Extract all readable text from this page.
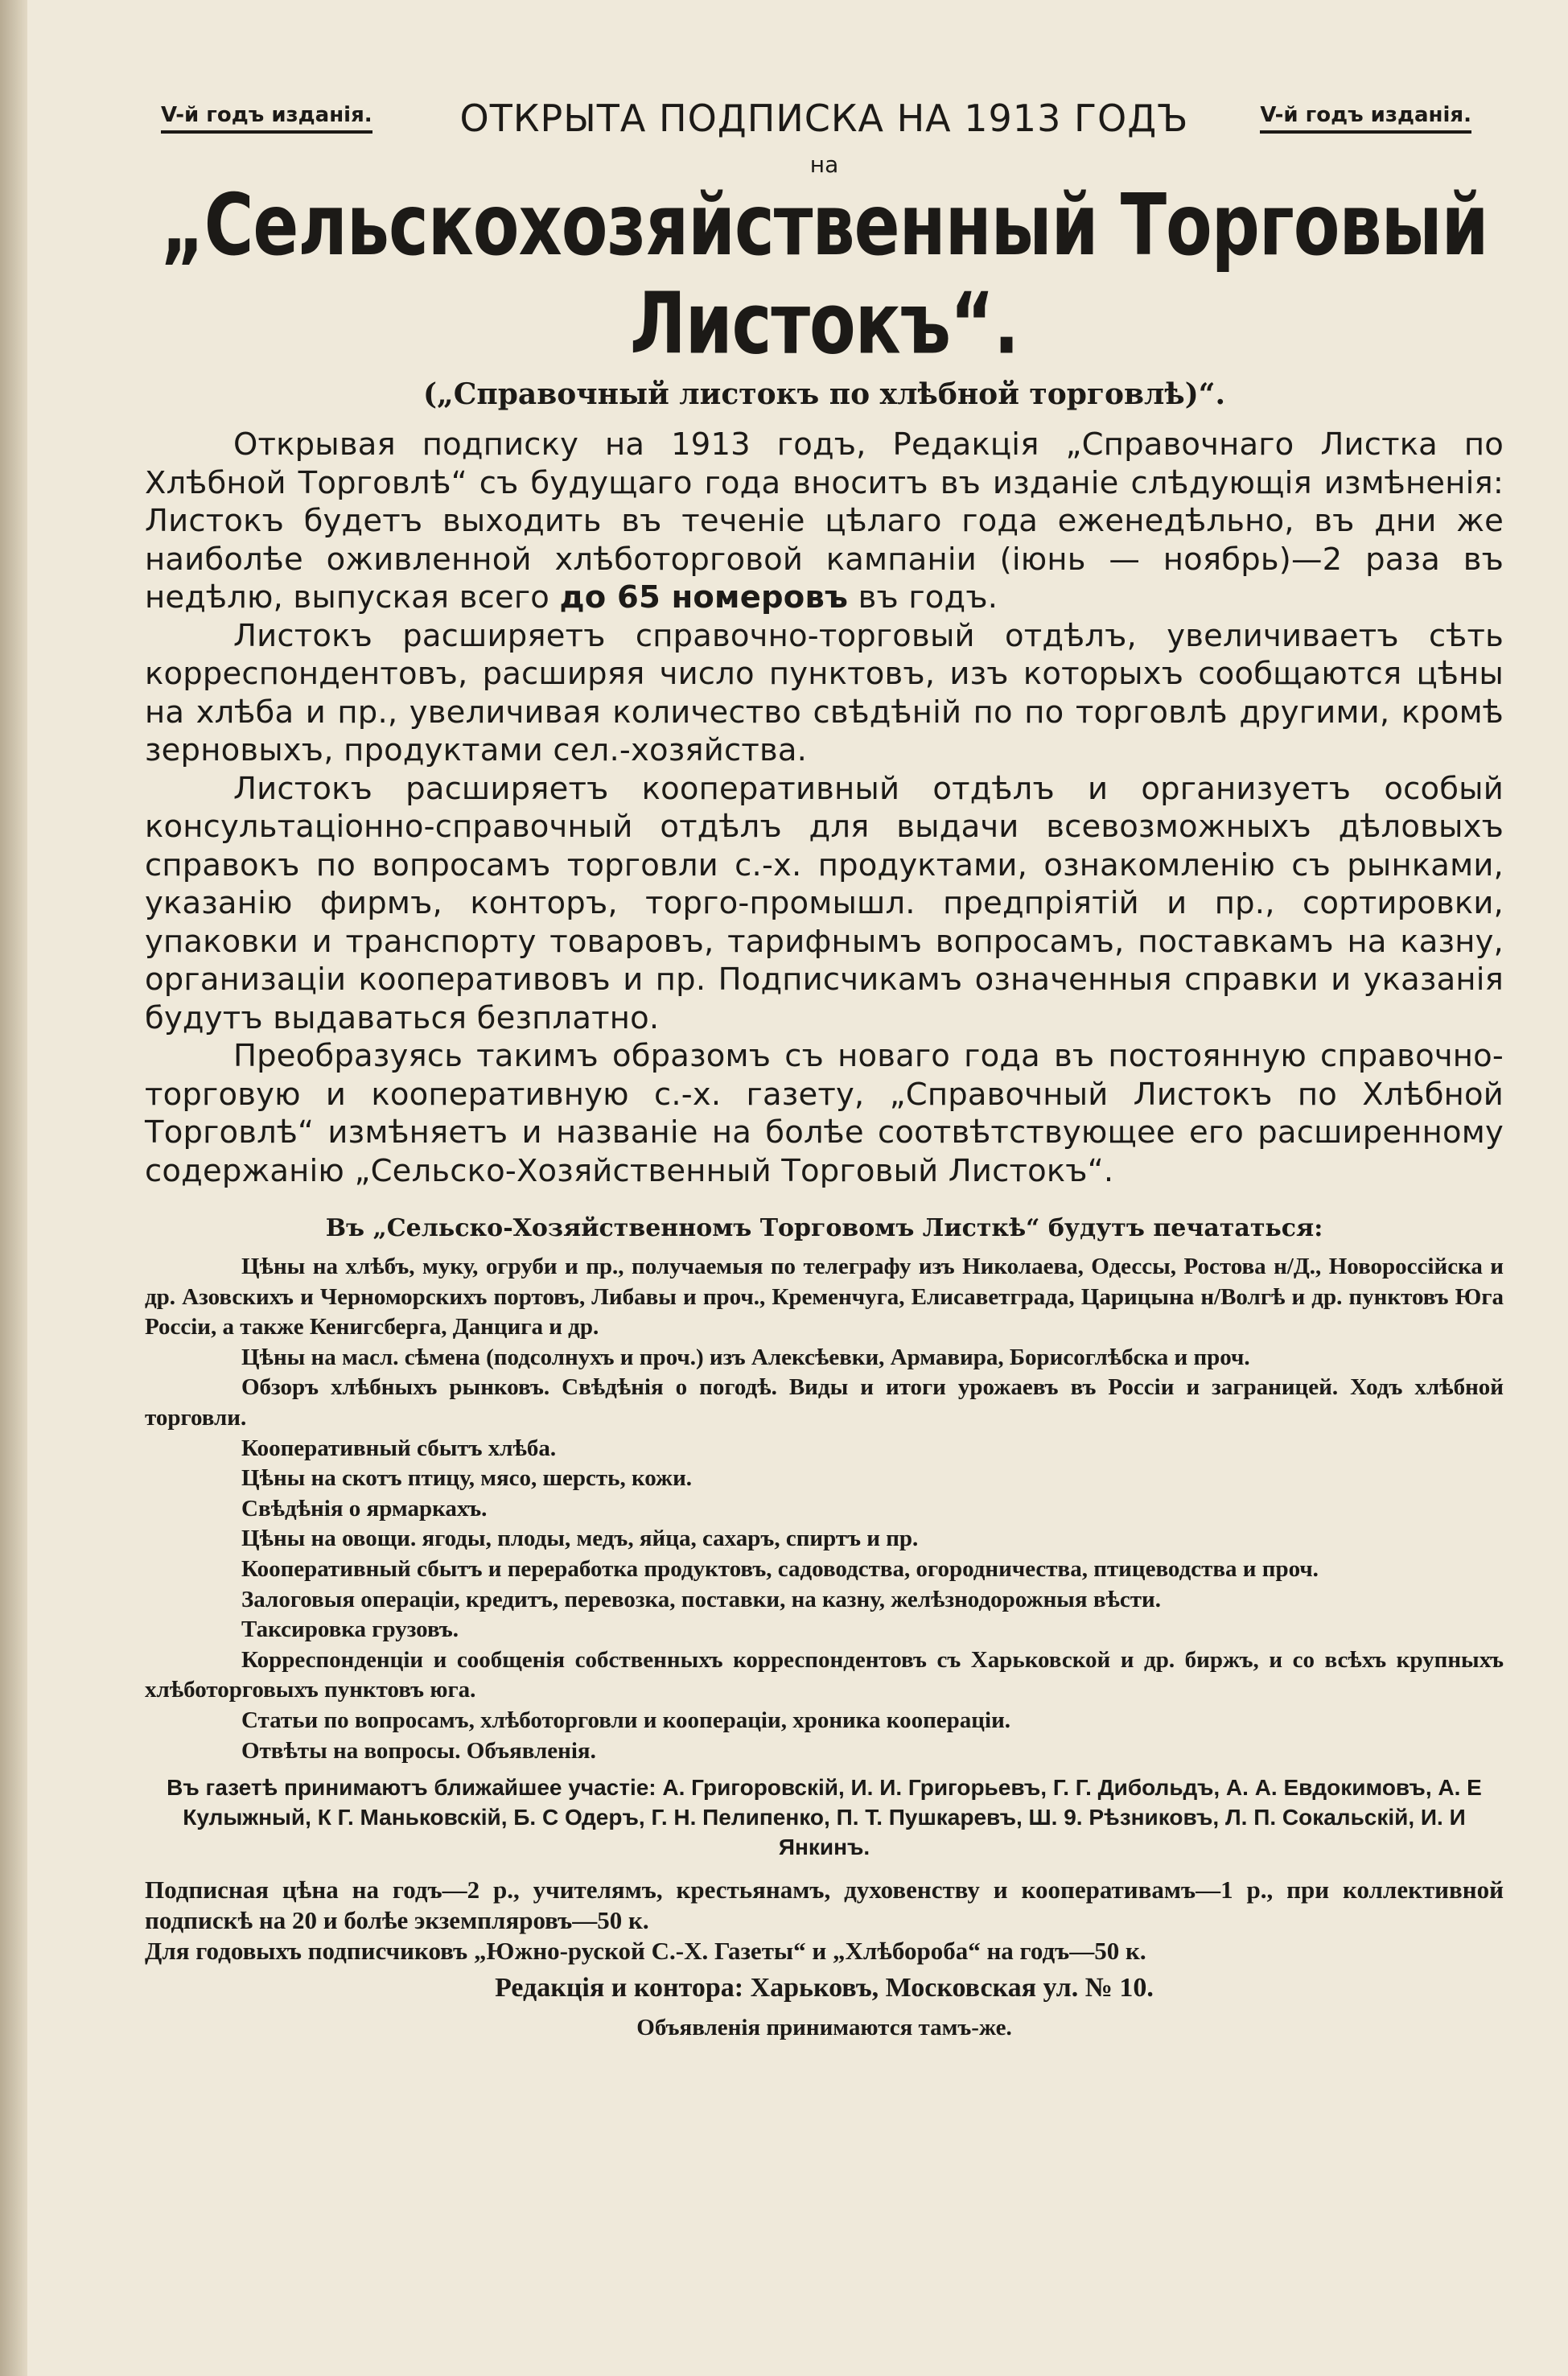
V-й годъ изданія.	ОТКРЫТА ПОДПИСКА НА 1913 ГОДЪ	V-й годъ изданія.
на
„Сельскохозяйственный Торговый Листокъ“.
(„Справочный листокъ по хлѣбной торговлѣ)“.

Открывая подписку на 1913 годъ, Редакція „Справочнаго Листка по Хлѣбной Торговлѣ“ съ будущаго года вноситъ въ изданіе слѣдующія измѣненія: Листокъ будетъ выходить въ теченіе цѣлаго года еженедѣльно, въ дни же наиболѣе оживленной хлѣботорговой кампаніи (іюнь — ноябрь)—2 раза въ недѣлю, выпуская всего до 65 номеровъ въ годъ.

Листокъ расширяетъ справочно-торговый отдѣлъ, увеличиваетъ сѣть корреспондентовъ, расширяя число пунктовъ, изъ которыхъ сообщаются цѣны на хлѣба и пр., увеличивая количество свѣдѣній по по торговлѣ другими, кромѣ зерновыхъ, продуктами сел.-хозяйства.

Листокъ расширяетъ кооперативный отдѣлъ и организуетъ особый консультаціонно-справочный отдѣлъ для выдачи всевозможныхъ дѣловыхъ справокъ по вопросамъ торговли с.-х. продуктами, ознакомленію съ рынками, указанію фирмъ, конторъ, торго-промышл. предпріятій и пр., сортировки, упаковки и транспорту товаровъ, тарифнымъ вопросамъ, поставкамъ на казну, организаціи кооперативовъ и пр. Подписчикамъ означенныя справки и указанія будутъ выдаваться безплатно.

Преобразуясь такимъ образомъ съ новаго года въ постоянную справочно-торговую и кооперативную с.-х. газету, „Справочный Листокъ по Хлѣбной Торговлѣ“ измѣняетъ и названіе на болѣе соотвѣтствующее его расширенному содержанію „Сельско-Хозяйственный Торговый Листокъ“.

Въ „Сельско-Хозяйственномъ Торговомъ Листкѣ“ будутъ печататься:

Цѣны на хлѣбъ, муку, огруби и пр., получаемыя по телеграфу изъ Николаева, Одессы, Ростова н/Д., Новороссійска и др. Азовскихъ и Черноморскихъ портовъ, Либавы и проч., Кременчуга, Елисаветграда, Царицына н/Волгѣ и др. пунктовъ Юга Россіи, а также Кенигсберга, Данцига и др.

Цѣны на масл. сѣмена (подсолнухъ и проч.) изъ Алексѣевки, Армавира, Борисоглѣбска и проч.

Обзоръ хлѣбныхъ рынковъ. Свѣдѣнія о погодѣ. Виды и итоги урожаевъ въ Россіи и заграницей. Ходъ хлѣбной торговли.

Кооперативный сбытъ хлѣба.

Цѣны на скотъ птицу, мясо, шерсть, кожи.

Свѣдѣнія о ярмаркахъ.

Цѣны на овощи. ягоды, плоды, медъ, яйца, сахаръ, спиртъ и пр.

Кооперативный сбытъ и переработка продуктовъ, садоводства, огородничества, птицеводства и проч.

Залоговыя операціи, кредитъ, перевозка, поставки, на казну, желѣзнодорожныя вѣсти.

Таксировка грузовъ.

Корреспонденціи и сообщенія собственныхъ корреспондентовъ съ Харьковской и др. биржъ, и со всѣхъ крупныхъ хлѣботорговыхъ пунктовъ юга.

Статьи по вопросамъ, хлѣботорговли и коопераціи, хроника коопераціи.

Отвѣты на вопросы. Объявленія.

Въ газетѣ принимаютъ ближайшее участіе: А. Григоровскій, И. И. Григорьевъ, Г. Г. Дибольдъ, А. А. Евдокимовъ, А. Е Кулыжный, К Г. Маньковскій, Б. С Одеръ, Г. Н. Пелипенко, П. Т. Пушкаревъ, Ш. 9. Рѣзниковъ, Л. П. Сокальскій, И. И Янкинъ.

Подписная цѣна на годъ—2 р., учителямъ, крестьянамъ, духовенству и кооперативамъ—1 р., при коллективной подпискѣ на 20 и болѣе экземпляровъ—50 к.

Для годовыхъ подписчиковъ „Южно-руской С.-Х. Газеты“ и „Хлѣбороба“ на годъ—50 к.

Редакція и контора: Харьковъ, Московская ул. № 10.
Объявленія принимаются тамъ-же.
